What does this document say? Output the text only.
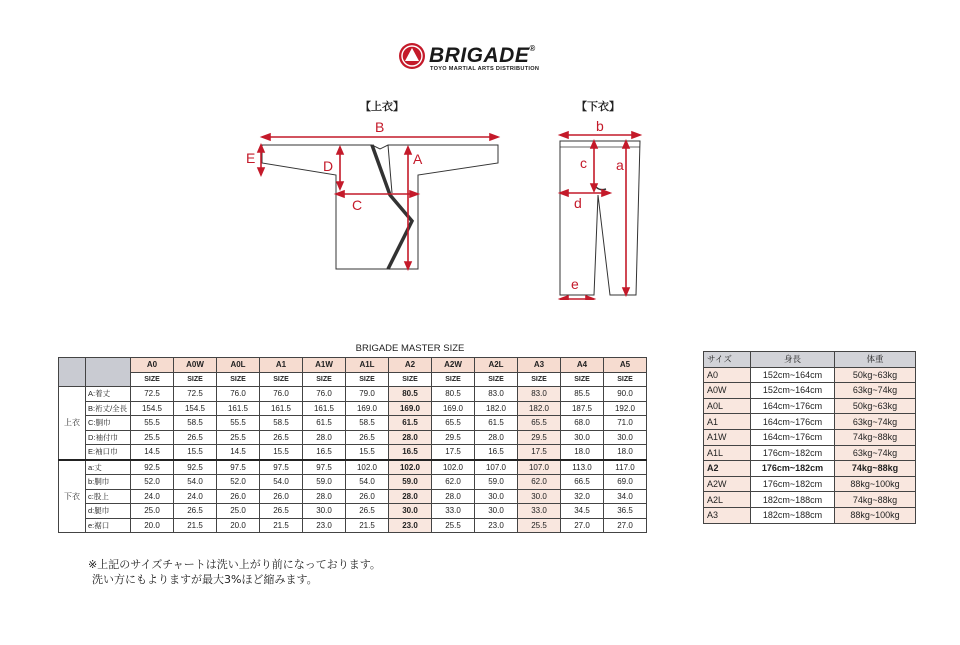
BRIGADE®
TOYO MARTIAL ARTS DISTRIBUTION
【上衣】	【下衣】
B
E	D	A
C
b
c a
d
e
BRIGADE MASTER SIZE
		A0	A0W	A0L	A1	A1W	A1L	A2	A2W	A2L	A3	A4	A5
		SIZE	SIZE	SIZE	SIZE	SIZE	SIZE	SIZE	SIZE	SIZE	SIZE	SIZE	SIZE
上衣	A:着丈	72.5	72.5	76.0	76.0	76.0	79.0	80.5	80.5	83.0	83.0	85.5	90.0
	B:裄丈/全長	154.5	154.5	161.5	161.5	161.5	169.0	169.0	169.0	182.0	182.0	187.5	192.0
	C:胴巾	55.5	58.5	55.5	58.5	61.5	58.5	61.5	65.5	61.5	65.5	68.0	71.0
	D:袖付巾	25.5	26.5	25.5	26.5	28.0	26.5	28.0	29.5	28.0	29.5	30.0	30.0
	E:袖口巾	14.5	15.5	14.5	15.5	16.5	15.5	16.5	17.5	16.5	17.5	18.0	18.0
下衣	a:丈	92.5	92.5	97.5	97.5	97.5	102.0	102.0	102.0	107.0	107.0	113.0	117.0
	b:胴巾	52.0	54.0	52.0	54.0	59.0	54.0	59.0	62.0	59.0	62.0	66.5	69.0
	c:股上	24.0	24.0	26.0	26.0	28.0	26.0	28.0	28.0	30.0	30.0	32.0	34.0
	d:腿巾	25.0	26.5	25.0	26.5	30.0	26.5	30.0	33.0	30.0	33.0	34.5	36.5
	e:裾口	20.0	21.5	20.0	21.5	23.0	21.5	23.0	25.5	23.0	25.5	27.0	27.0
サイズ	身長	体重
A0	152cm~164cm	50kg~63kg
A0W	152cm~164cm	63kg~74kg
A0L	164cm~176cm	50kg~63kg
A1	164cm~176cm	63kg~74kg
A1W	164cm~176cm	74kg~88kg
A1L	176cm~182cm	63kg~74kg
A2	176cm~182cm	74kg~88kg
A2W	176cm~182cm	88kg~100kg
A2L	182cm~188cm	74kg~88kg
A3	182cm~188cm	88kg~100kg
※上記のサイズチャートは洗い上がり前になっております。
洗い方にもよりますが最大3%ほど縮みます。
